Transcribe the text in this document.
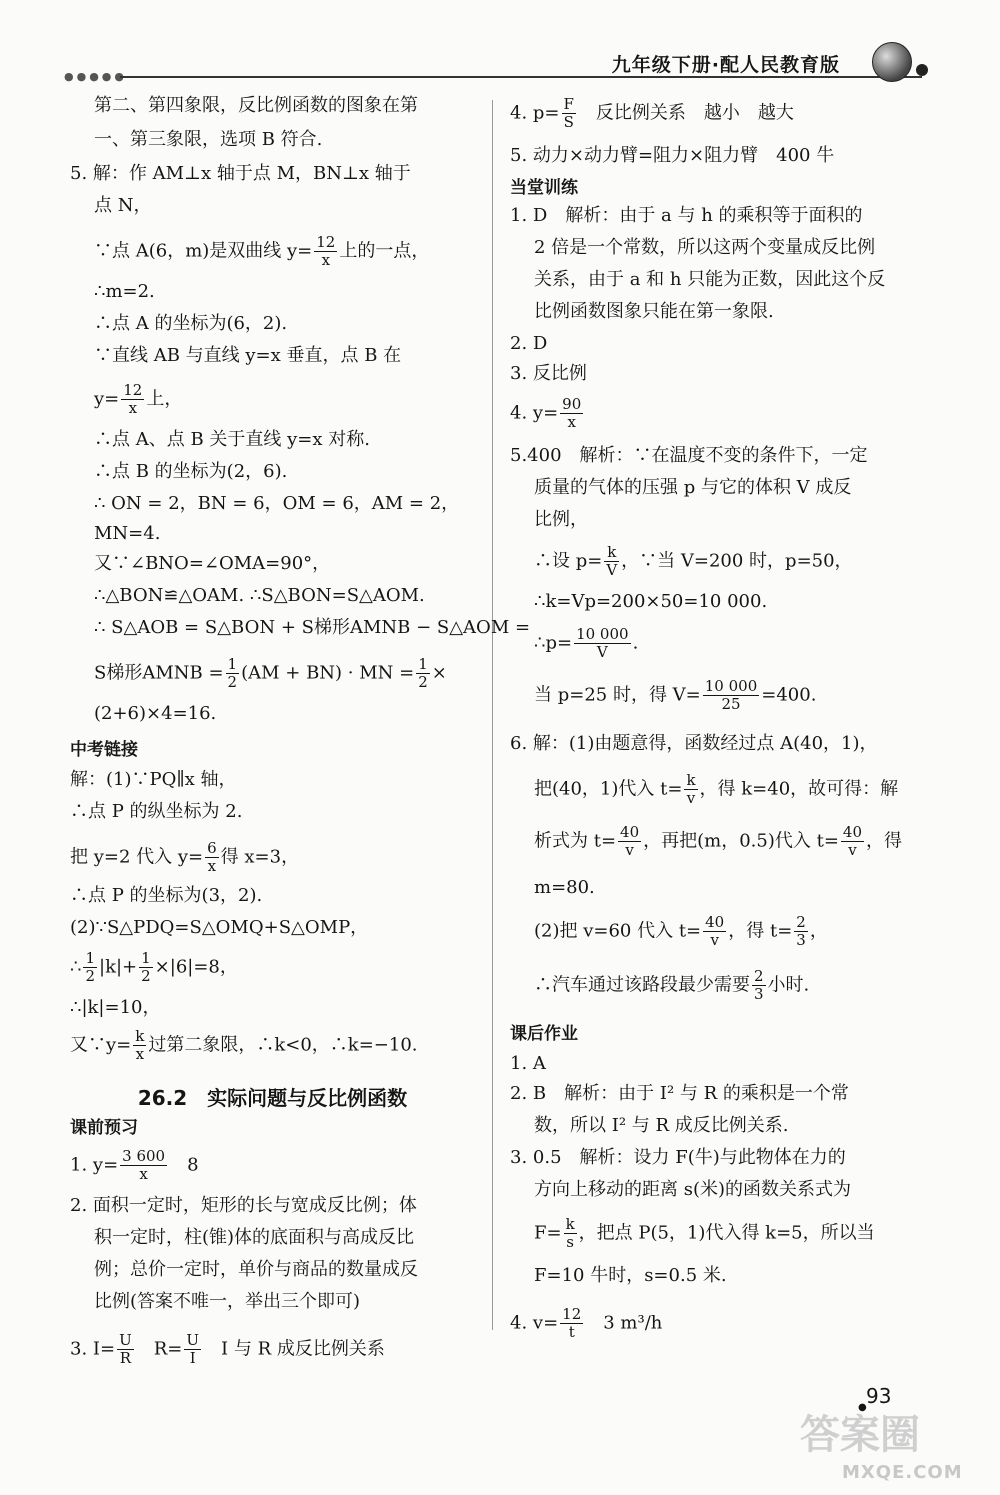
●●●●●
九年级下册·配人民教育版
第二、第四象限，反比例函数的图象在第
一、第三象限，选项 B 符合.
5. 解：作 AM⊥x 轴于点 M，BN⊥x 轴于
点 N，
∵点 A(6，m)是双曲线 $y= \frac{12}{x}$ 上的一点，
∴m=2.
∴点 A 的坐标为(6，2).
∵直线 AB 与直线 y=x 垂直，点 B 在
$y= \frac{12}{x}$ 上，
∴点 A、点 B 关于直线 y=x 对称.
∴点 B 的坐标为(2，6).
∴ ON = 2，BN = 6，OM = 6，AM = 2，
MN=4.
又∵∠BNO=∠OMA=90°，
∴△BON≌△OAM. ∴S△BON=S△AOM.
∴ S△AOB = S△BON + S梯形AMNB − S△AOM =
S梯形AMNB = $\frac{1}{2} (AM + BN)$ · MN = $\frac{1}{2}$ ×
(2+6)×4=16.
中考链接
解：(1)∵PQ∥x 轴，
∴点 P 的纵坐标为 2.
把 y=2 代入 $y= \frac{6}{x}$ 得 x=3，
∴点 P 的坐标为(3，2).
(2)∵S△PDQ=S△OMQ+S△OMP，
∴ $\frac{1}{2} |k|+ \frac{1}{2} \times|6|=8$，
∴|k|=10，
又∵y= $\frac{k}{x}$ 过第二象限，∴k<0，∴k=−10.
26.2　实际问题与反比例函数
课前预习
1. $y= \frac{3 600}{x}$ 　8
2. 面积一定时，矩形的长与宽成反比例；体
积一定时，柱(锥)体的底面积与高成反比
例；总价一定时，单价与商品的数量成反
比例(答案不唯一，举出三个即可)
3. $I= \frac{U}{R}$ 　$R= \frac{U}{I}$ 　I 与 R 成反比例关系
4. $p= \frac{F}{S}$ 　反比例关系　越小　越大
5. 动力×动力臂=阻力×阻力臂　400 牛
当堂训练
1. D　解析：由于 a 与 h 的乘积等于面积的
2 倍是一个常数，所以这两个变量成反比例
关系，由于 a 和 h 只能为正数，因此这个反
比例函数图象只能在第一象限.
2. D
3. 反比例
4. $y= \frac{90}{x}$
5.400　解析：∵在温度不变的条件下，一定
质量的气体的压强 p 与它的体积 V 成反
比例，
∴设 $p= \frac{k}{V}$ ，∵当 V=200 时，p=50，
∴k=Vp=200×50=10 000.
∴p= $\frac{10 000}{V}$ .
当 p=25 时，得 $V= \frac{10 000}{25} =400$.
6. 解：(1)由题意得，函数经过点 A(40，1)，
把(40，1)代入 $t= \frac{k}{v}$ ，得 k=40，故可得：解
析式为 $t= \frac{40}{v}$ ，再把(m，0.5)代入 $t= \frac{40}{v}$ ，得
m=80.
(2)把 v=60 代入 $t= \frac{40}{v}$ ，得 $t= \frac{2}{3}$ ，
∴汽车通过该路段最少需要 $\frac{2}{3}$ 小时.
课后作业
1. A
2. B　解析：由于 I² 与 R 的乘积是一个常
数，所以 I² 与 R 成反比例关系.
3. 0.5　解析：设力 F(牛)与此物体在力的
方向上移动的距离 s(米)的函数关系式为
$F= \frac{k}{s}$ ，把点 P(5，1)代入得 k=5，所以当
F=10 牛时，s=0.5 米.
4. $v= \frac{12}{t}$ 　3 m³/h
● 93
答案圈
MXQE.COM
